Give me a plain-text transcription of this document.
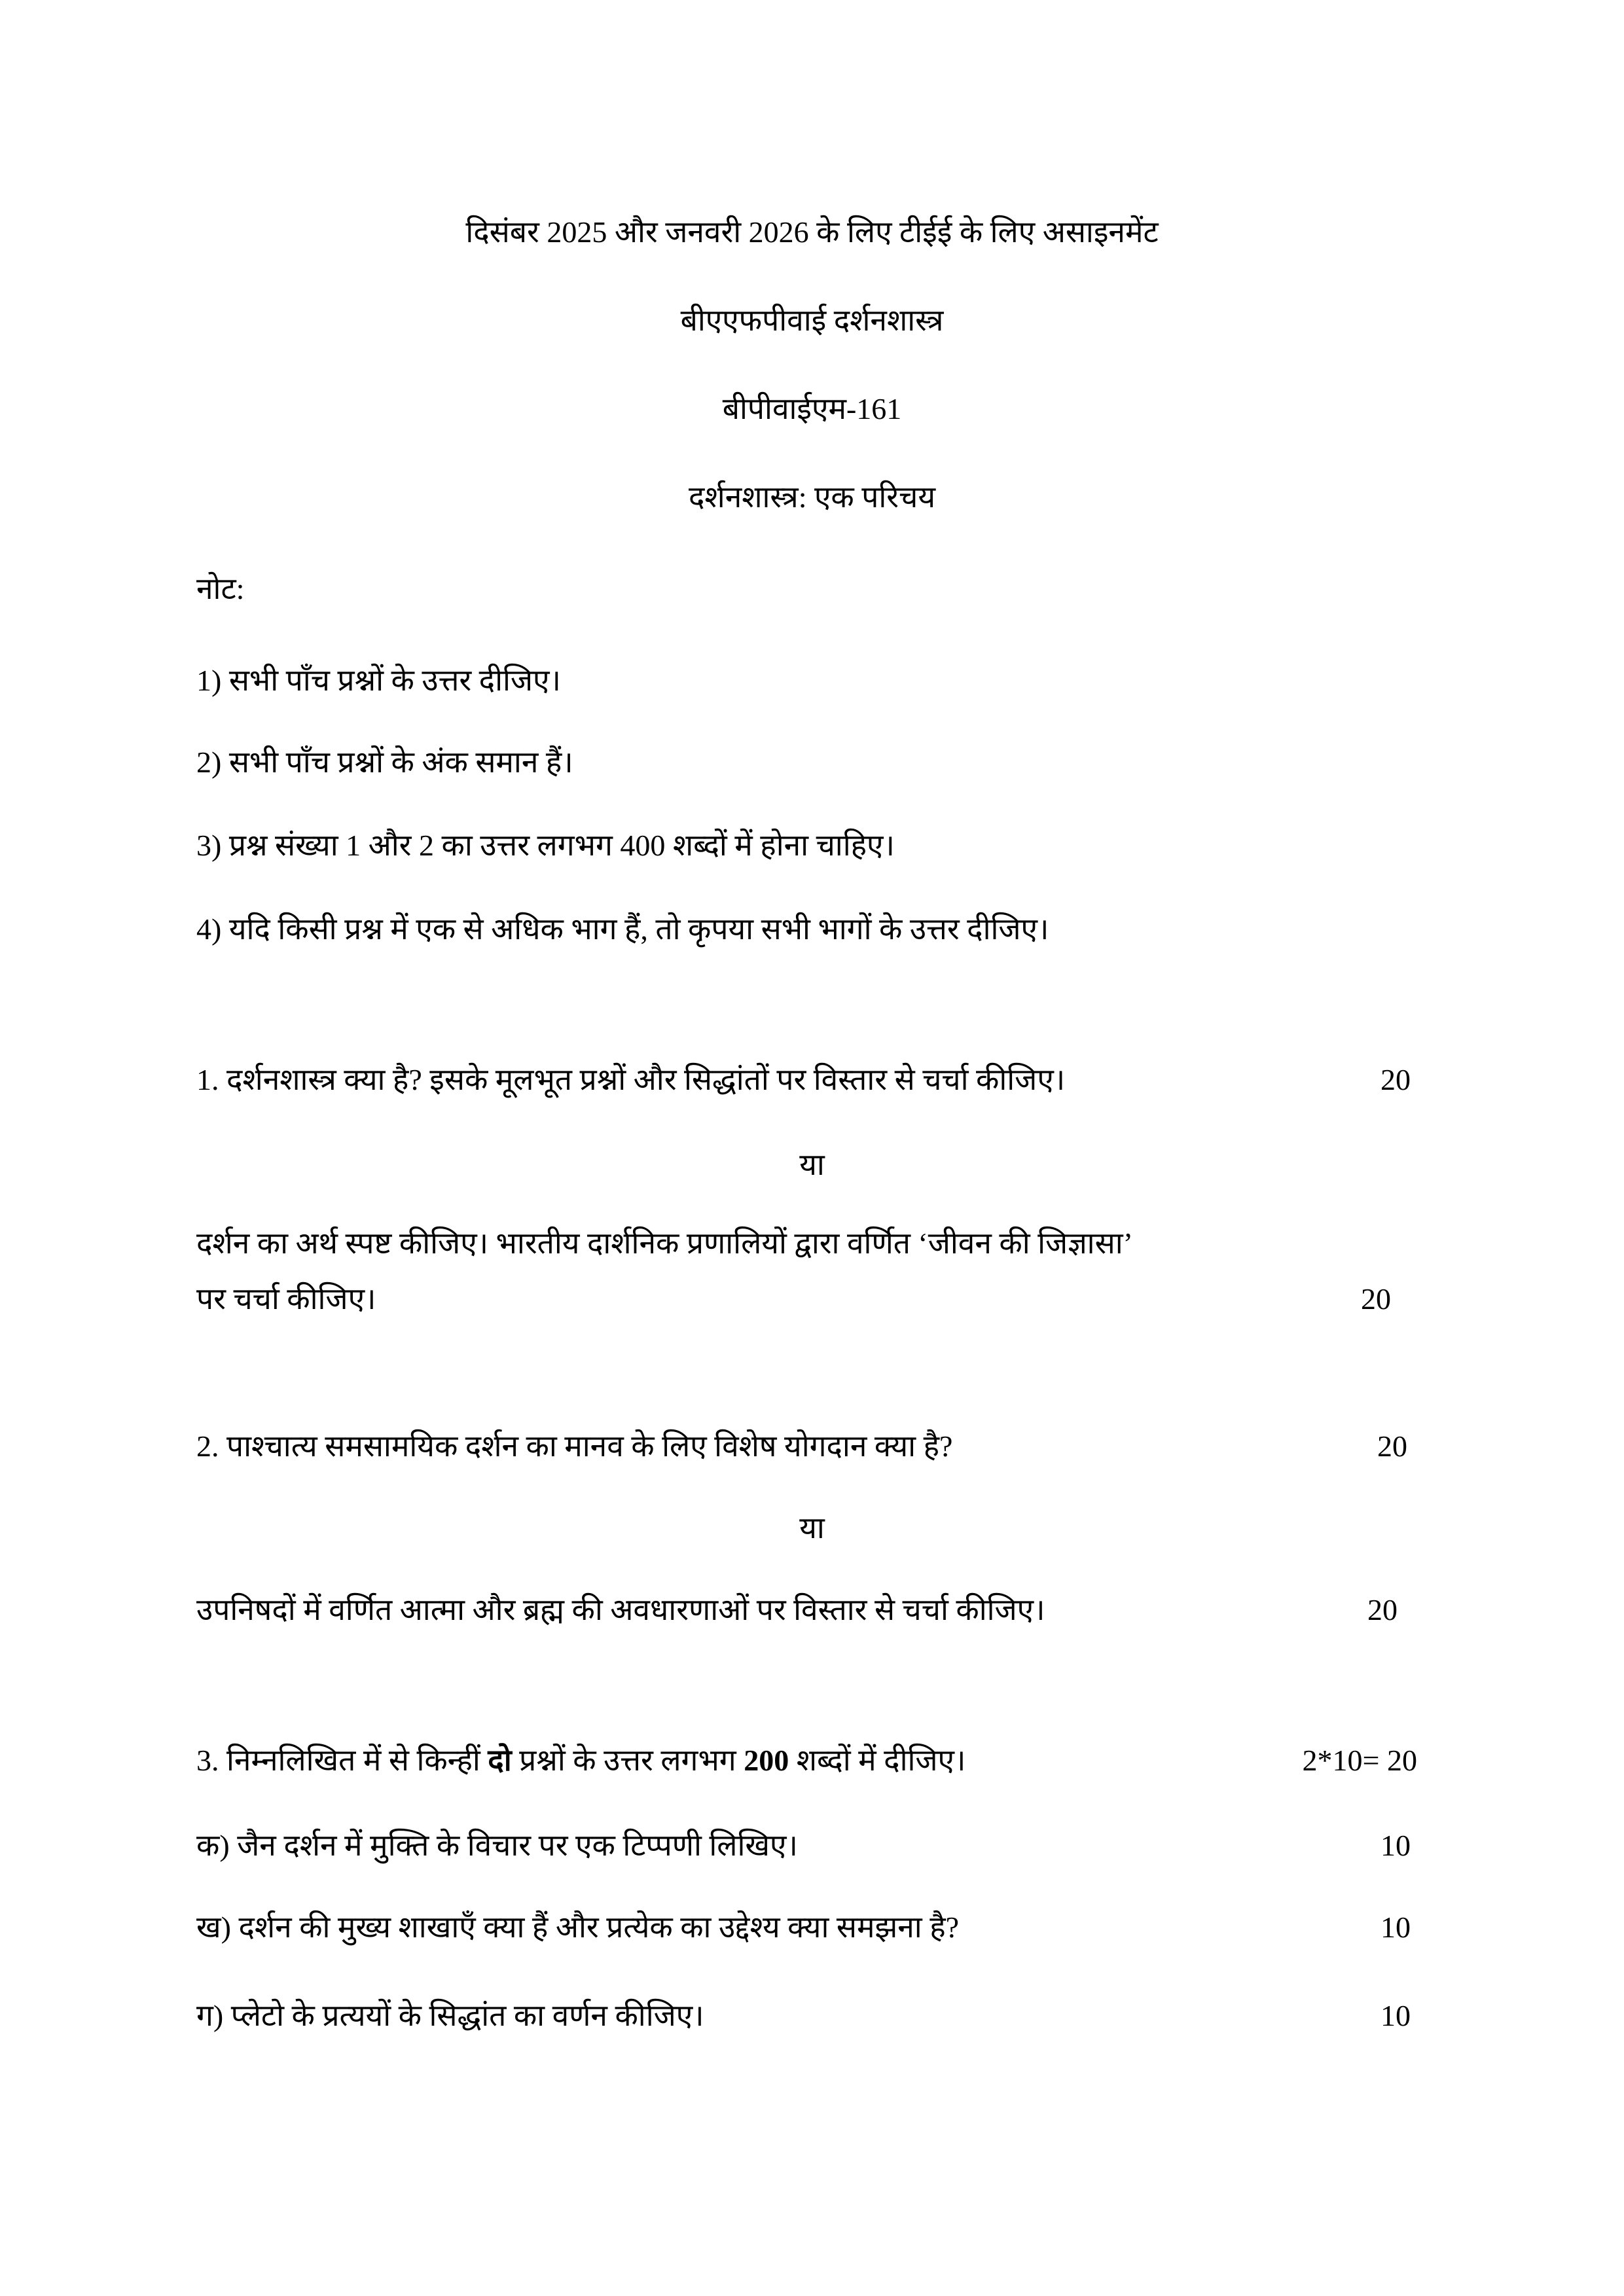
दिसंबर 2025 और जनवरी 2026 के लिए टीईई के लिए असाइनमेंट
बीएएफपीवाई दर्शनशास्त्र
बीपीवाईएम-161
दर्शनशास्त्र: एक परिचय
नोट:
1) सभी पाँच प्रश्नों के उत्तर दीजिए।
2) सभी पाँच प्रश्नों के अंक समान हैं।
3) प्रश्न संख्या 1 और 2 का उत्तर लगभग 400 शब्दों में होना चाहिए।
4) यदि किसी प्रश्न में एक से अधिक भाग हैं, तो कृपया सभी भागों के उत्तर दीजिए।
1. दर्शनशास्त्र क्या है? इसके मूलभूत प्रश्नों और सिद्धांतों पर विस्तार से चर्चा कीजिए।	20
या
दर्शन का अर्थ स्पष्ट कीजिए। भारतीय दार्शनिक प्रणालियों द्वारा वर्णित ‘जीवन की जिज्ञासा’
पर चर्चा कीजिए।	20
2. पाश्चात्य समसामयिक दर्शन का मानव के लिए विशेष योगदान क्या है?	20
या
उपनिषदों में वर्णित आत्मा और ब्रह्म की अवधारणाओं पर विस्तार से चर्चा कीजिए।	20
3. निम्नलिखित में से किन्हीं दो प्रश्नों के उत्तर लगभग 200 शब्दों में दीजिए।	2*10= 20
क) जैन दर्शन में मुक्ति के विचार पर एक टिप्पणी लिखिए।	10
ख) दर्शन की मुख्य शाखाएँ क्या हैं और प्रत्येक का उद्देश्य क्या समझना है?	10
ग) प्लेटो के प्रत्ययों के सिद्धांत का वर्णन कीजिए।	10
